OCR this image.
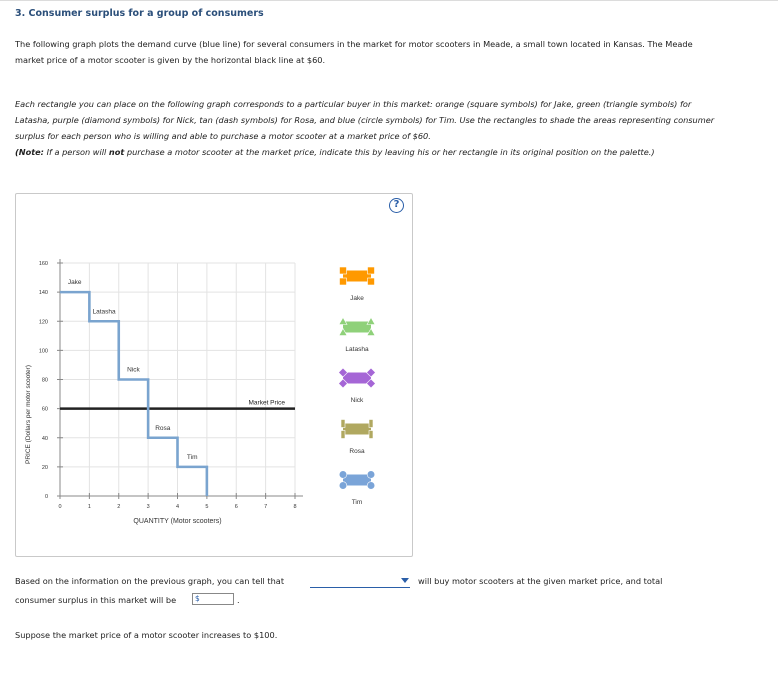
3. Consumer surplus for a group of consumers
The following graph plots the demand curve (blue line) for several consumers in the market for motor scooters in Meade, a small town located in Kansas. The Meade market price of a motor scooter is given by the horizontal black line at $60.
Each rectangle you can place on the following graph corresponds to a particular buyer in this market: orange (square symbols) for Jake, green (triangle symbols) for Latasha, purple (diamond symbols) for Nick, tan (dash symbols) for Rosa, and blue (circle symbols) for Tim. Use the rectangles to shade the areas representing consumer surplus for each person who is willing and able to purchase a motor scooter at a market price of $60.
(Note: If a person will not purchase a motor scooter at the market price, indicate this by leaving his or her rectangle in its original position on the palette.)
0
20
40
60
80
100
120
140
160
0	1	2	3	4	5	6	7	8
QUANTITY (Motor scooters)
PRICE (Dollars per motor scooter)	Market Price
Jake
Latasha
Nick
Rosa
Tim
Jake
Latasha
Nick
Rosa
Tim
?
Based on the information on the previous graph, you can tell that	will buy motor scooters at the given market price, and total
consumer surplus in this market will be	$	.
Suppose the market price of a motor scooter increases to $100.
